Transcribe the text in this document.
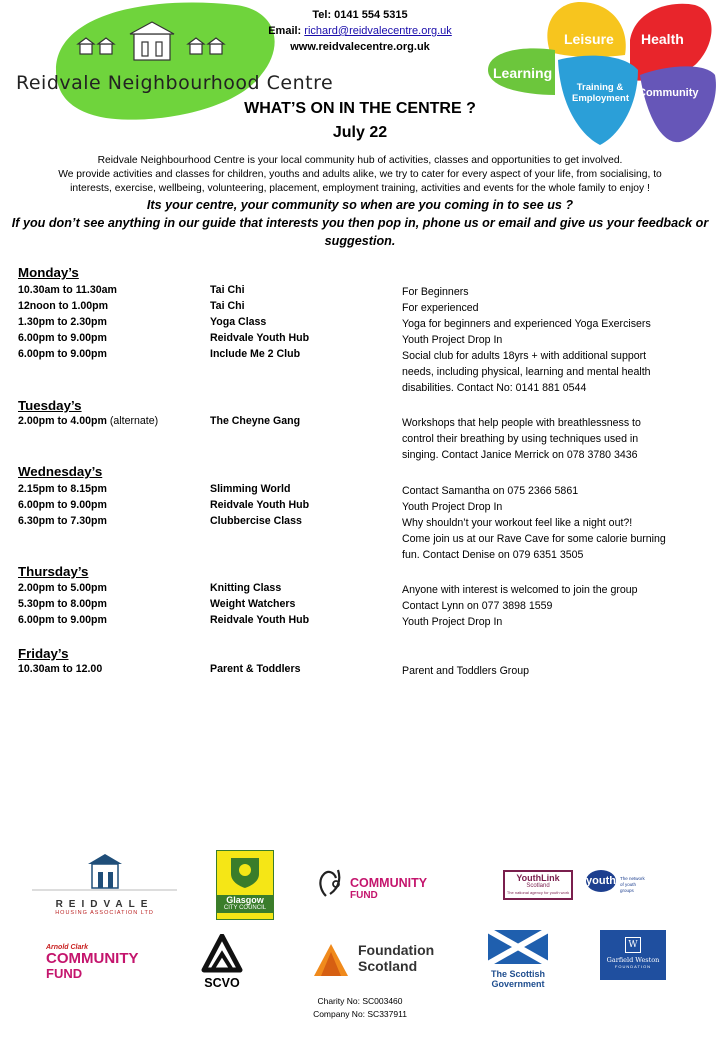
Reidvale Neighbourhood Centre
Tel: 0141 554 5315
Email: richard@reidvalecentre.org.uk
www.reidvalecentre.org.uk	Leisure Health
Learning
Training &
Employment Community
WHAT’S ON IN THE CENTRE ?
July 22
Reidvale Neighbourhood Centre is your local community hub of activities, classes and opportunities to get involved.
We provide activities and classes for children, youths and adults alike, we try to cater for every aspect of your life, from socialising, to
interests, exercise, wellbeing, volunteering, placement, employment training, activities and events for the whole family to enjoy !
Its your centre, your community so when are you coming in to see us ?
If you don’t see anything in our guide that interests you then pop in, phone us or email and give us your feedback or
suggestion.
Monday’s
10.30am to 11.30am	Tai Chi	For Beginners
12noon to 1.00pm	Tai Chi	For experienced
1.30pm to 2.30pm	Yoga Class	Yoga for beginners and experienced Yoga Exercisers
6.00pm to 9.00pm	Reidvale Youth Hub	Youth Project Drop In
6.00pm to 9.00pm	Include Me 2 Club	Social club for adults 18yrs + with additional support
needs, including physical, learning and mental health
disabilities. Contact No: 0141 881 0544
Tuesday’s
2.00pm to 4.00pm (alternate)	The Cheyne Gang	Workshops that help people with breathlessness to
control their breathing by using techniques used in
singing. Contact Janice Merrick on 078 3780 3436
Wednesday’s
2.15pm to 8.15pm	Slimming World	Contact Samantha on 075 2366 5861
6.00pm to 9.00pm	Reidvale Youth Hub	Youth Project Drop In
6.30pm to 7.30pm	Clubbercise Class	Why shouldn’t your workout feel like a night out?!
Come join us at our Rave Cave for some calorie burning
fun. Contact Denise on 079 6351 3505
Thursday’s
2.00pm to 5.00pm	Knitting Class	Anyone with interest is welcomed to join the group
5.30pm to 8.00pm	Weight Watchers	Contact Lynn on 077 3898 1559
6.00pm to 9.00pm	Reidvale Youth Hub	Youth Project Drop In
Friday’s
10.30am to 12.00	Parent & Toddlers	Parent and Toddlers Group
REIDVALE
HOUSING ASSOCIATION LTD
Glasgow
CITY COUNCIL
COMMUNITY
FUND
YouthLink
Scotland
The national agency for youth work
youth The network
of youth groups
Arnold Clark
COMMUNITY
FUND
SCVO
Foundation
Scotland	The Scottish
Government
W
Garfield Weston
FOUNDATION
Charity No: SC003460
Company No: SC337911
